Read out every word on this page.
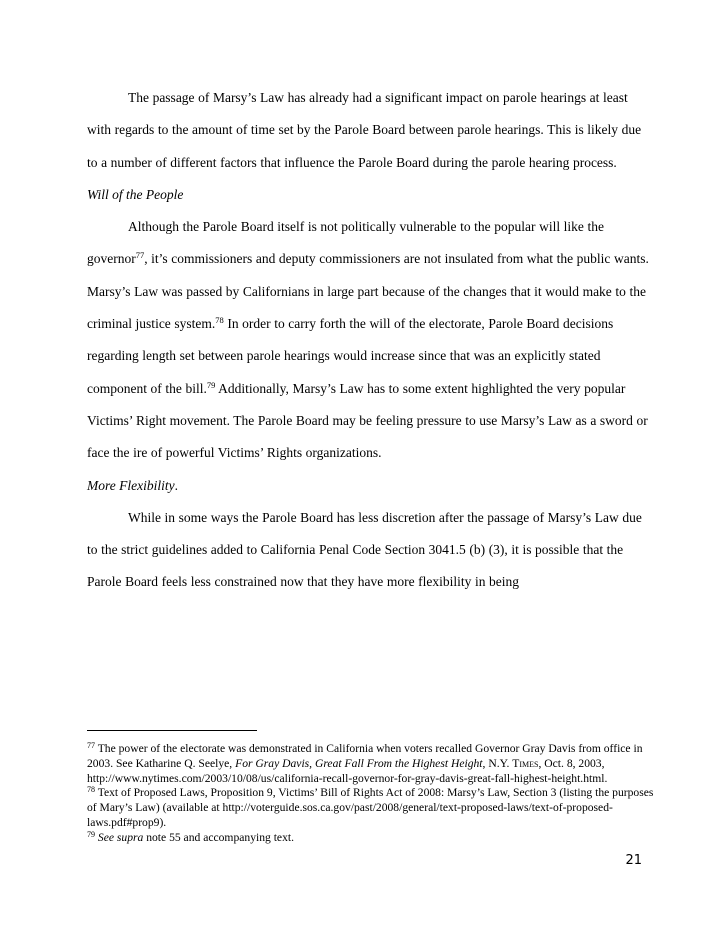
The passage of Marsy’s Law has already had a significant impact on parole hearings at least with regards to the amount of time set by the Parole Board between parole hearings. This is likely due to a number of different factors that influence the Parole Board during the parole hearing process.

Will of the People

Although the Parole Board itself is not politically vulnerable to the popular will like the governor$^{77}$, it’s commissioners and deputy commissioners are not insulated from what the public wants. Marsy’s Law was passed by Californians in large part because of the changes that it would make to the criminal justice system.$^{78}$ In order to carry forth the will of the electorate, Parole Board decisions regarding length set between parole hearings would increase since that was an explicitly stated component of the bill.$^{79}$ Additionally, Marsy’s Law has to some extent highlighted the very popular Victims’ Right movement. The Parole Board may be feeling pressure to use Marsy’s Law as a sword or face the ire of powerful Victims’ Rights organizations.

More Flexibility.

While in some ways the Parole Board has less discretion after the passage of Marsy’s Law due to the strict guidelines added to California Penal Code Section 3041.5 (b) (3), it is possible that the Parole Board feels less constrained now that they have more flexibility in being

$^{77}$ The power of the electorate was demonstrated in California when voters recalled Governor Gray Davis from office in 2003. See Katharine Q. Seelye, For Gray Davis, Great Fall From the Highest Height, N.Y. Times, Oct. 8, 2003, http://www.nytimes.com/2003/10/08/us/california-recall-governor-for-gray-davis-great-fall-highest-height.html.

$^{78}$ Text of Proposed Laws, Proposition 9, Victims’ Bill of Rights Act of 2008: Marsy’s Law, Section 3 (listing the purposes of Mary’s Law) (available at http://voterguide.sos.ca.gov/past/2008/general/text-proposed-laws/text-of-proposed-laws.pdf#prop9).

$^{79}$ See supra note 55 and accompanying text.

21
